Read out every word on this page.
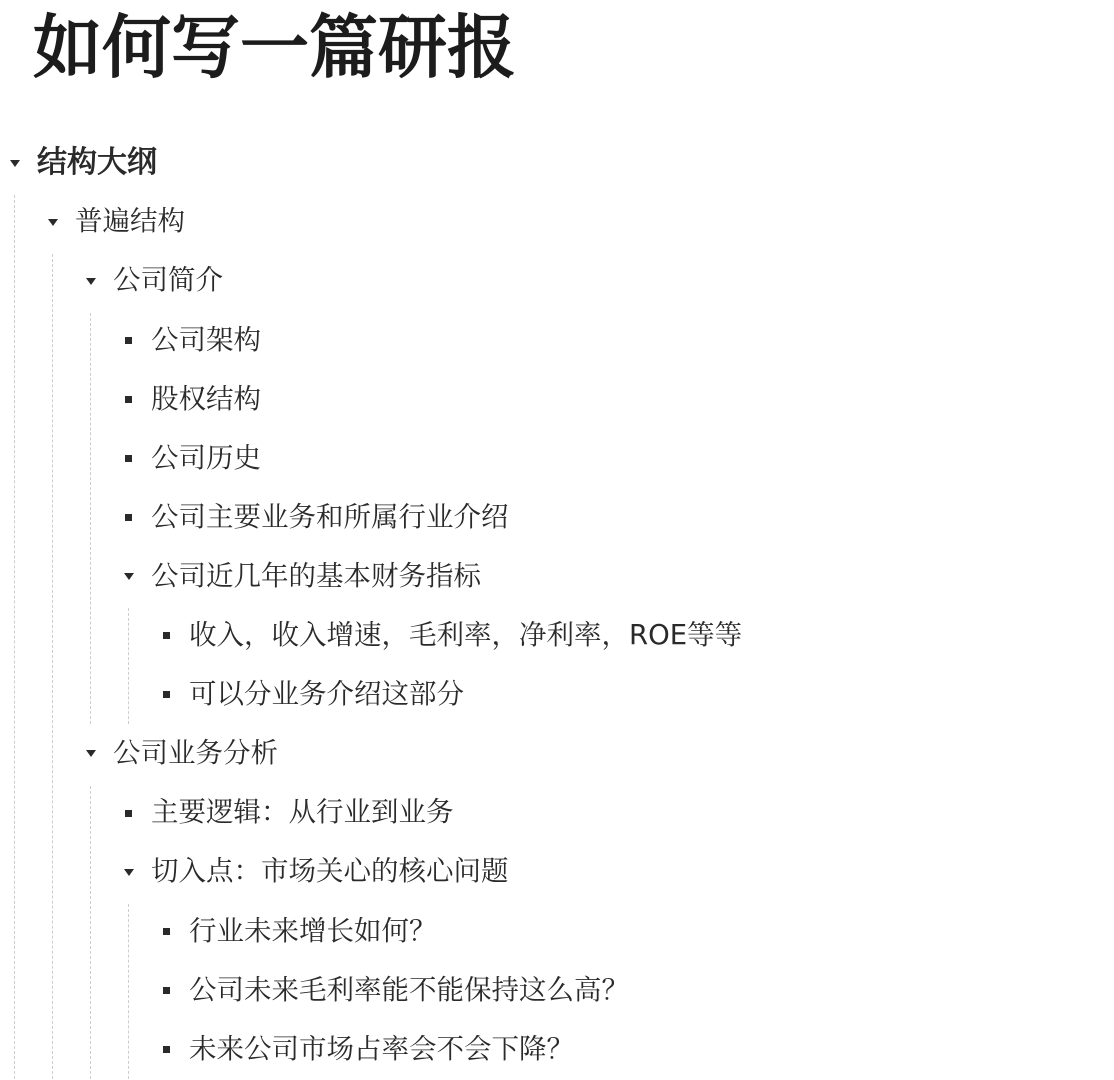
如何写一篇研报
结构大纲
普遍结构
公司简介
公司架构
股权结构
公司历史
公司主要业务和所属行业介绍
公司近几年的基本财务指标
收入，收入增速，毛利率，净利率，ROE等等
可以分业务介绍这部分
公司业务分析
主要逻辑：从行业到业务
切入点：市场关心的核心问题
行业未来增长如何？
公司未来毛利率能不能保持这么高？
未来公司市场占率会不会下降？
